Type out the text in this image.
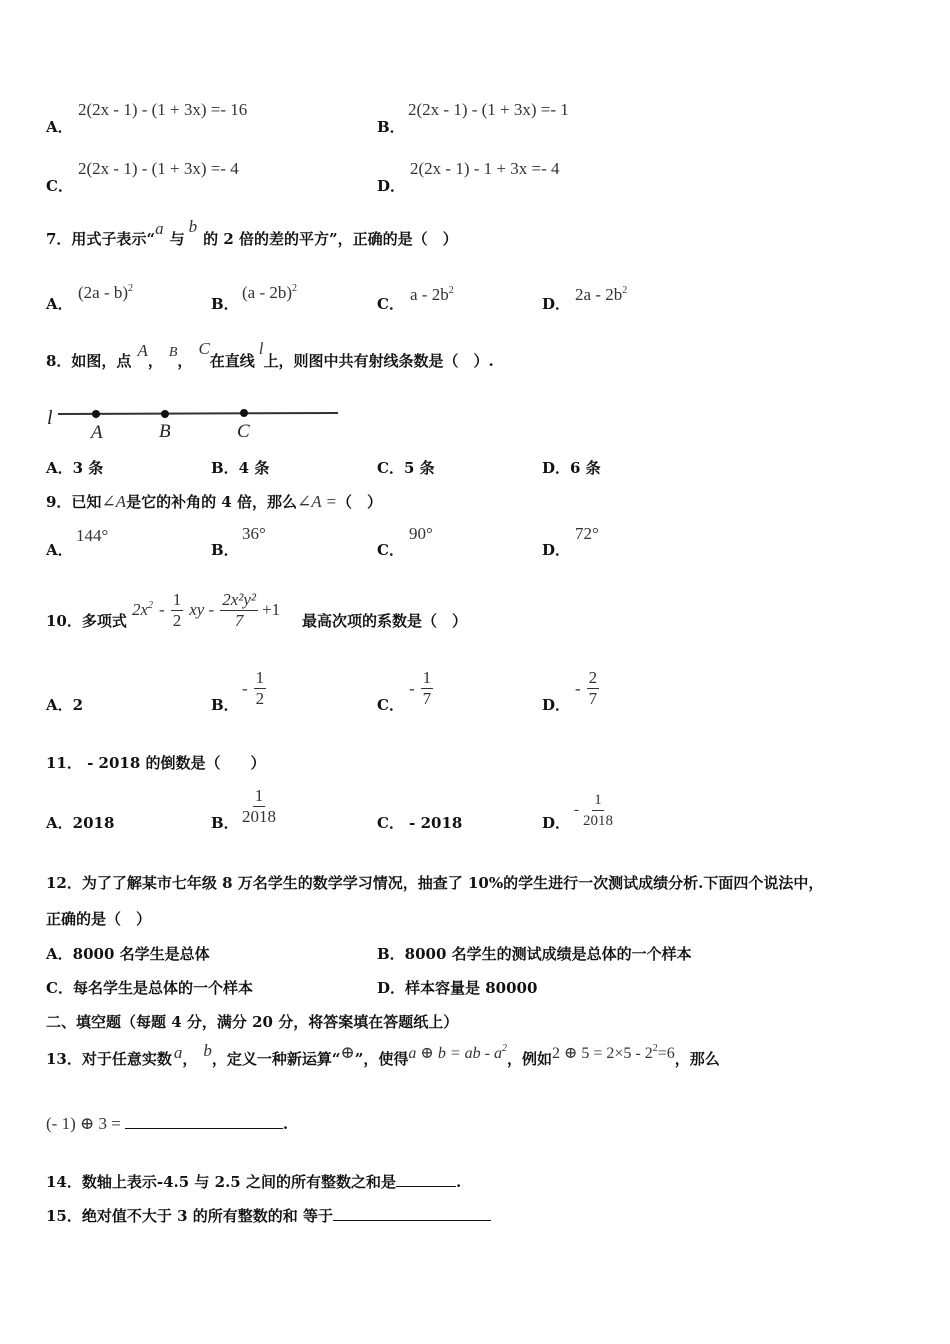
A．
2(2x - 1) - (1 + 3x) =- 16
B．
2(2x - 1) - (1 + 3x) =- 1
C．
2(2x - 1) - (1 + 3x) =- 4
D．
2(2x - 1) - 1 + 3x =- 4
7．用式子表示“a与b的 2 倍的差的平方”，正确的是（　）
A．
(2a - b)$^2$
B．
(a - 2b)$^2$
C． a - $2b^2$
D． $2a - 2b^2$
8．如图，点A， B，C在直线l上，则图中共有射线条数是（　）.
l
A	B	C
A．3 条	B．4 条	C．5 条	D．6 条
9．已知∠A是它的补角的 4 倍，那么∠A =（　）
A．
144°
B．
36°
C．
90°
D．
72°
10．多项式
$2x^2 - \frac{1}{2}$ xy - $\frac{\text{2x²y²}}{7} +1$
最高次项的系数是（　）
A．2	B．
- $\frac{1}{2}$	C．
- $\frac{1}{7}$	D．
- $\frac{2}{7}$
11． - 2018 的倒数是（　　）
A．2018	B． $\frac{1}{2018}$	C． - 2018	D．
- $\frac{1}{2018}$
12．为了了解某市七年级 8 万名学生的数学学习情况，抽查了 10%的学生进行一次测试成绩分析.下面四个说法中，
正确的是（　）
A．8000 名学生是总体	B．8000 名学生的测试成绩是总体的一个样本
C．每名学生是总体的一个样本	D．样本容量是 80000
二、填空题（每题 4 分，满分 20 分，将答案填在答题纸上）
13．对于任意实数 a， b，定义一种新运算“⊕”，使得a ⊕ b = ab - $a^2$，例如2 ⊕ $5 = 2\times 5 - 2^2=6$，那么
(- 1) ⊕ 3 =	.
14．数轴上表示-4.5 与 2.5 之间的所有整数之和是	.
15．绝对值不大于 3 的所有整数的和 等于
